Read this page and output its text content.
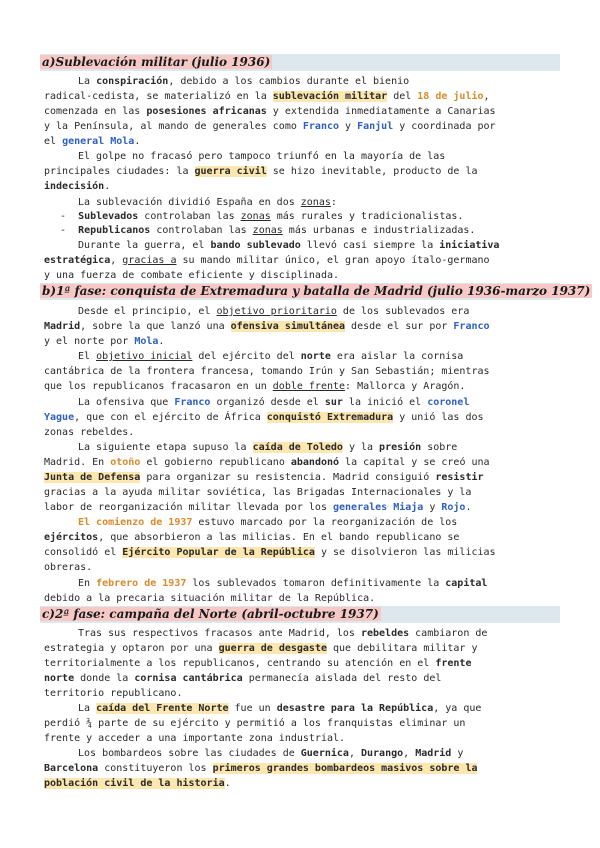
a)Sublevación militar (julio 1936)
La conspiración, debido a los cambios durante el bienio
radical-cedista, se materializó en la sublevación militar del 18 de julio,
comenzada en las posesiones africanas y extendida inmediatamente a Canarias
y la Península, al mando de generales como Franco y Fanjul y coordinada por
el general Mola.
El golpe no fracasó pero tampoco triunfó en la mayoría de las
principales ciudades: la guerra civil se hizo inevitable, producto de la
indecisión.
La sublevación dividió España en dos zonas:
-  Sublevados controlaban las zonas más rurales y tradicionalistas.
-  Republicanos controlaban las zonas más urbanas e industrializadas.
Durante la guerra, el bando sublevado llevó casi siempre la iniciativa
estratégica, gracias a su mando militar único, el gran apoyo ítalo-germano
y una fuerza de combate eficiente y disciplinada.
b)1ª fase: conquista de Extremadura y batalla de Madrid (julio 1936-marzo 1937)
Desde el principio, el objetivo prioritario de los sublevados era
Madrid, sobre la que lanzó una ofensiva simultánea desde el sur por Franco
y el norte por Mola.
El objetivo inicial del ejército del norte era aislar la cornisa
cantábrica de la frontera francesa, tomando Irún y San Sebastián; mientras
que los republicanos fracasaron en un doble frente: Mallorca y Aragón.
La ofensiva que Franco organizó desde el sur la inició el coronel
Yague, que con el ejército de África conquistó Extremadura y unió las dos
zonas rebeldes.
La siguiente etapa supuso la caída de Toledo y la presión sobre
Madrid. En otoño el gobierno republicano abandonó la capital y se creó una
Junta de Defensa para organizar su resistencia. Madrid consiguió resistir
gracias a la ayuda militar soviética, las Brigadas Internacionales y la
labor de reorganización militar llevada por los generales Miaja y Rojo.
El comienzo de 1937 estuvo marcado por la reorganización de los
ejércitos, que absorbieron a las milicias. En el bando republicano se
consolidó el Ejército Popular de la República y se disolvieron las milicias
obreras.
En febrero de 1937 los sublevados tomaron definitivamente la capital
debido a la precaria situación militar de la República.
c)2ª fase: campaña del Norte (abril-octubre 1937)
Tras sus respectivos fracasos ante Madrid, los rebeldes cambiaron de
estrategia y optaron por una guerra de desgaste que debilitara militar y
territorialmente a los republicanos, centrando su atención en el frente
norte donde la cornisa cantábrica permanecía aislada del resto del
territorio republicano.
La caída del Frente Norte fue un desastre para la República, ya que
perdió ¾ parte de su ejército y permitió a los franquistas eliminar un
frente y acceder a una importante zona industrial.
Los bombardeos sobre las ciudades de Guernica, Durango, Madrid y
Barcelona constituyeron los primeros grandes bombardeos masivos sobre la
población civil de la historia.
